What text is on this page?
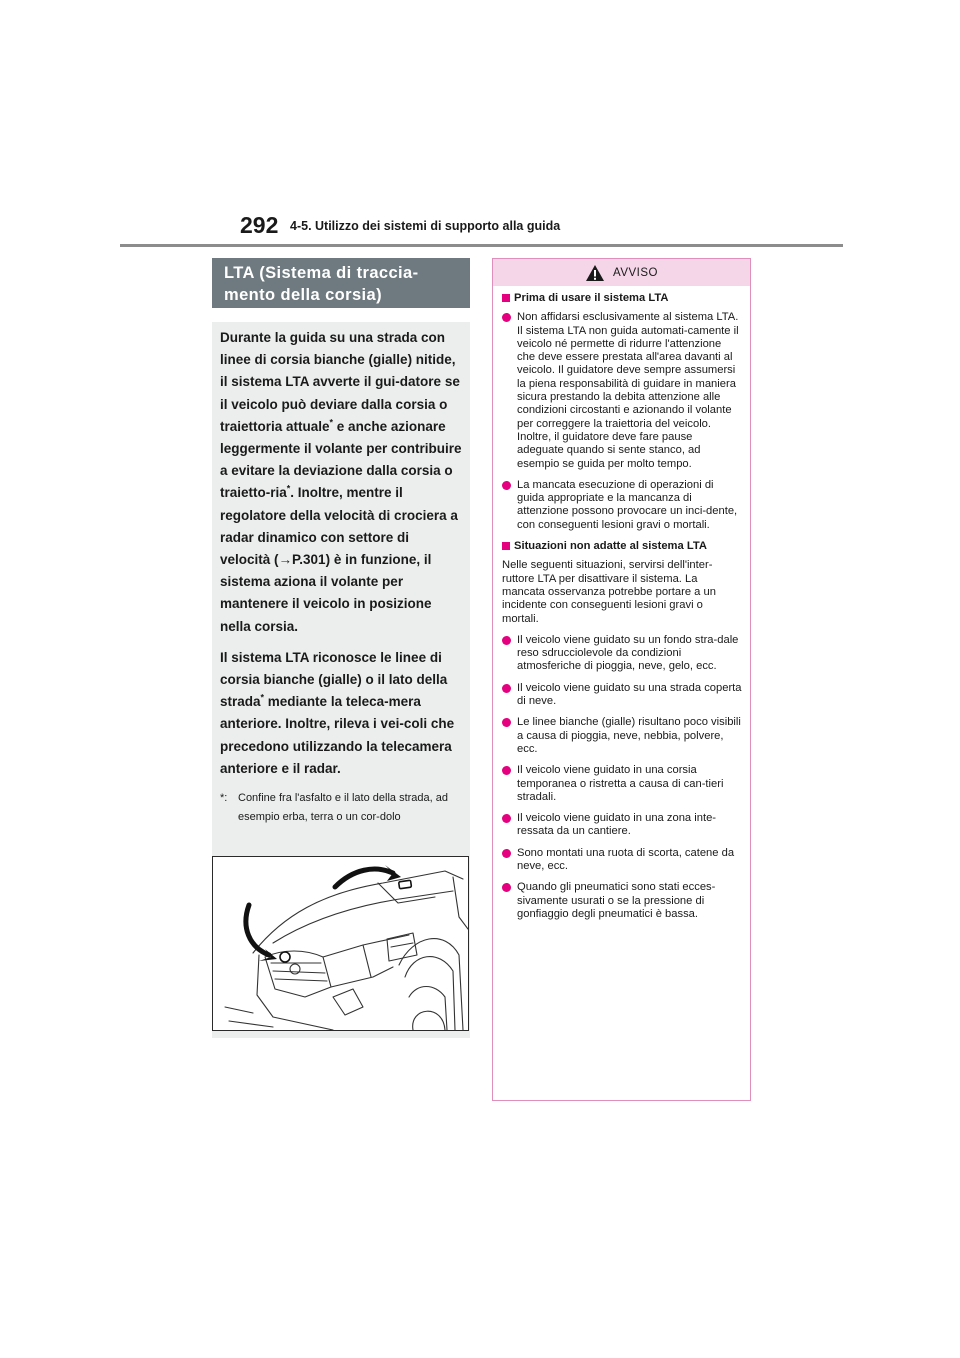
292 4-5. Utilizzo dei sistemi di supporto alla guida
LTA (Sistema di traccia-mento della corsia)

Durante la guida su una strada con linee di corsia bianche (gialle) nitide, il sistema LTA avverte il gui-datore se il veicolo può deviare dalla corsia o traiettoria attuale* e anche azionare leggermente il volante per contribuire a evitare la deviazione dalla corsia o traietto-ria*. Inoltre, mentre il regolatore della velocità di crociera a radar dinamico con settore di velocità (→P.301) è in funzione, il sistema aziona il volante per mantenere il veicolo in posizione nella corsia.

Il sistema LTA riconosce le linee di corsia bianche (gialle) o il lato della strada* mediante la teleca-mera anteriore. Inoltre, rileva i vei-coli che precedono utilizzando la telecamera anteriore e il radar.

*: Confine fra l'asfalto e il lato della strada, ad esempio erba, terra o un cor-dolo
AVVISO
Prima di usare il sistema LTA
Non affidarsi esclusivamente al sistema LTA. Il sistema LTA non guida automati-camente il veicolo né permette di ridurre l'attenzione che deve essere prestata all'area davanti al veicolo. Il guidatore deve sempre assumersi la piena responsabilità di guidare in maniera sicura prestando la debita attenzione alle condizioni circostanti e azionando il volante per correggere la traiettoria del veicolo. Inoltre, il guidatore deve fare pause adeguate quando si sente stanco, ad esempio se guida per molto tempo.
La mancata esecuzione di operazioni di guida appropriate e la mancanza di attenzione possono provocare un inci-dente, con conseguenti lesioni gravi o mortali.
Situazioni non adatte al sistema LTA
Nelle seguenti situazioni, servirsi dell'inter-ruttore LTA per disattivare il sistema. La mancata osservanza potrebbe portare a un incidente con conseguenti lesioni gravi o mortali.
Il veicolo viene guidato su un fondo stra-dale reso sdrucciolevole da condizioni atmosferiche di pioggia, neve, gelo, ecc.
Il veicolo viene guidato su una strada coperta di neve.
Le linee bianche (gialle) risultano poco visibili a causa di pioggia, neve, nebbia, polvere, ecc.
Il veicolo viene guidato in una corsia temporanea o ristretta a causa di can-tieri stradali.
Il veicolo viene guidato in una zona inte-ressata da un cantiere.
Sono montati una ruota di scorta, catene da neve, ecc.
Quando gli pneumatici sono stati ecces-sivamente usurati o se la pressione di gonfiaggio degli pneumatici è bassa.
